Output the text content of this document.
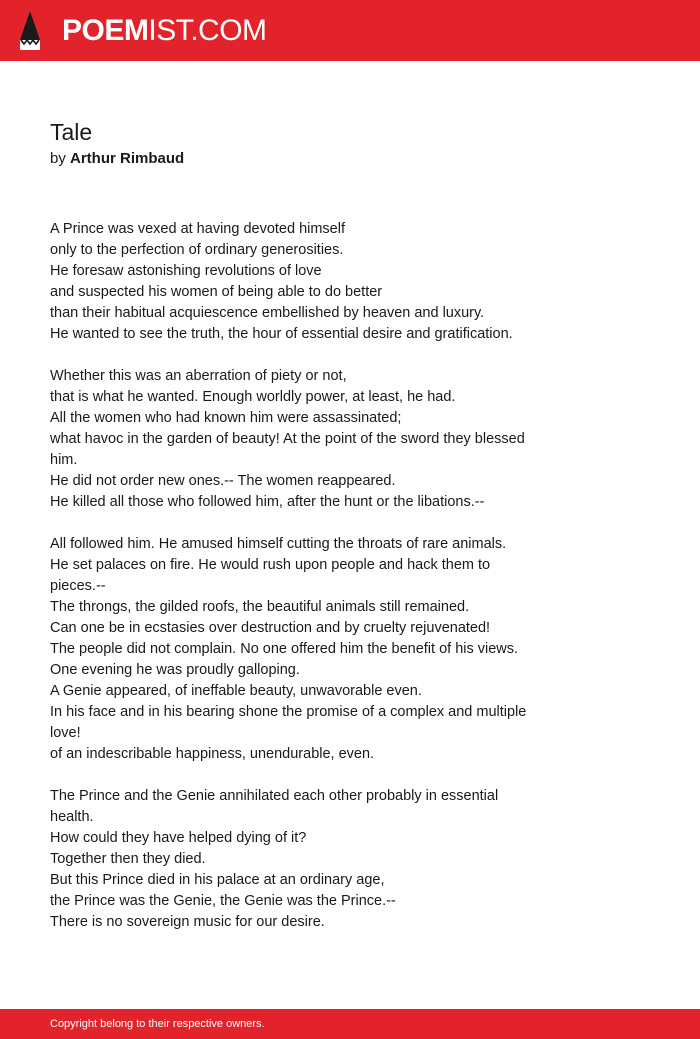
POEMIST.COM
Tale
by Arthur Rimbaud
A Prince was vexed at having devoted himself
only to the perfection of ordinary generosities.
He foresaw astonishing revolutions of love
and suspected his women of being able to do better
than their habitual acquiescence embellished by heaven and luxury.
He wanted to see the truth, the hour of essential desire and gratification.
Whether this was an aberration of piety or not,
that is what he wanted. Enough worldly power, at least, he had.
All the women who had known him were assassinated;
what havoc in the garden of beauty! At the point of the sword they blessed
him.
He did not order new ones.-- The women reappeared.
He killed all those who followed him, after the hunt or the libations.--
All followed him. He amused himself cutting the throats of rare animals.
He set palaces on fire. He would rush upon people and hack them to
pieces.--
The throngs, the gilded roofs, the beautiful animals still remained.
Can one be in ecstasies over destruction and by cruelty rejuvenated!
The people did not complain. No one offered him the benefit of his views.
One evening he was proudly galloping.
A Genie appeared, of ineffable beauty, unwavorable even.
In his face and in his bearing shone the promise of a complex and multiple
love!
of an indescribable happiness, unendurable, even.
The Prince and the Genie annihilated each other probably in essential
health.
How could they have helped dying of it?
Together then they died.
But this Prince died in his palace at an ordinary age,
the Prince was the Genie, the Genie was the Prince.--
There is no sovereign music for our desire.
Copyright belong to their respective owners.
